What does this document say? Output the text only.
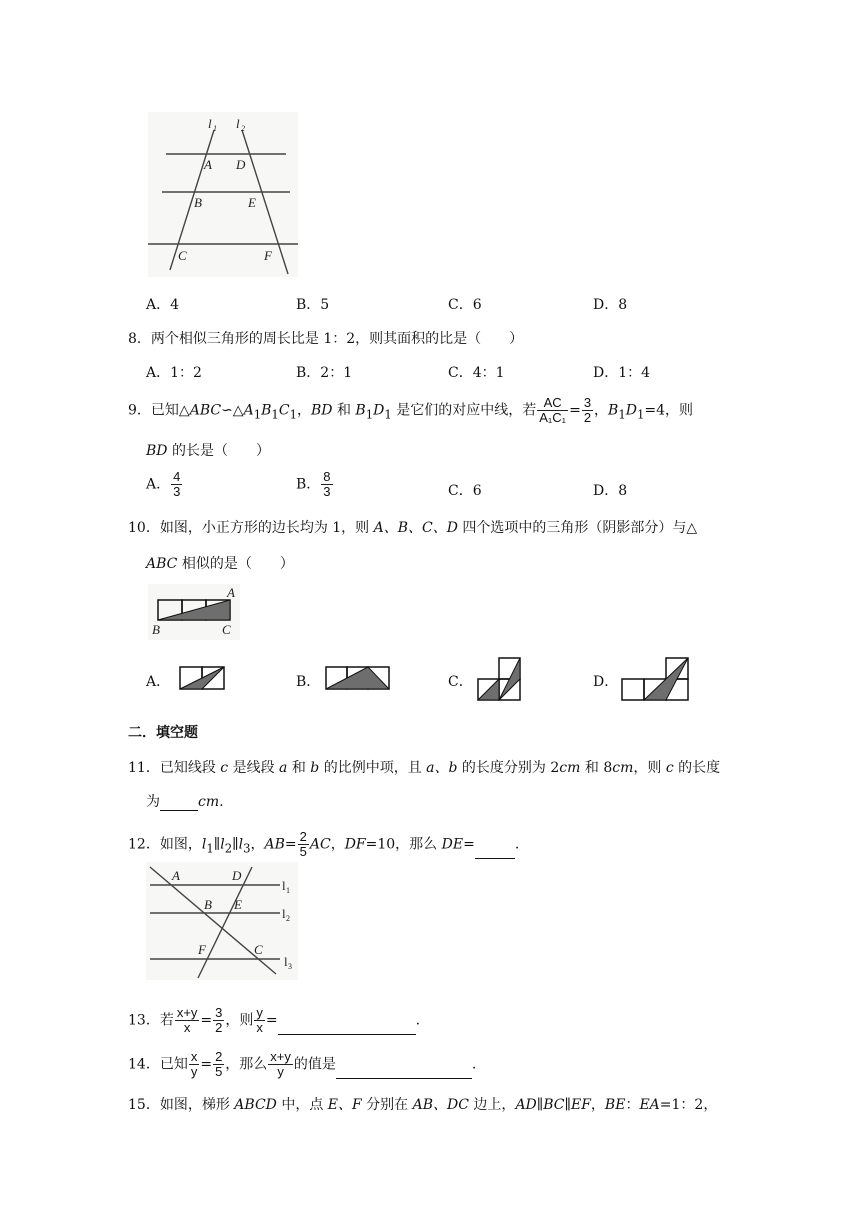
l 1 l 2
A D
B	E
C	F
A．4	B．5	C．6	D．8
8．两个相似三角形的周长比是 1：2，则其面积的比是（　　）
A．1：2	B．2：1	C．4：1	D．1：4
9．已知$\triangle ABC∽\triangle A_1B_1C_1$，BD 和 $B_1D_1$ 是它们的对应中线，若 $\frac{AC}{\text{A₁C₁}} = \frac{3}{2}$ ，$B_1D_1=4$，则
BD 的长是（　　）
A． $\frac{4}{3}$	B． $\frac{8}{3}$	C．6	D．8
10．如图，小正方形的边长均为 1，则 A、B、C、D 四个选项中的三角形（阴影部分）与△
ABC 相似的是（　　）
A
B	C
A．	B．	C．	D．
二．填空题
11．已知线段 c 是线段 a 和 b 的比例中项，且 a、b 的长度分别为 2cm 和 8cm，则 c 的长度
为	cm.
12．如图，$l_1\parallel l_2\parallel l_3$，$AB= \frac{2}{5}$ AC，DF=10，那么 DE=	.
A	D
B E
F	C
l 1
l 2
l 3
13．若 $\frac{x+y}{x} = \frac{3}{2}$ ，则 $\frac{y}{x}$ =	.
14．已知 $\frac{x}{y} = \frac{2}{5}$ ，那么 $\frac{x+y}{y}$ 的值是	.
15．如图，梯形 ABCD 中，点 E、F 分别在 AB、DC 边上，AD∥BC∥EF，BE：EA=1：2，
